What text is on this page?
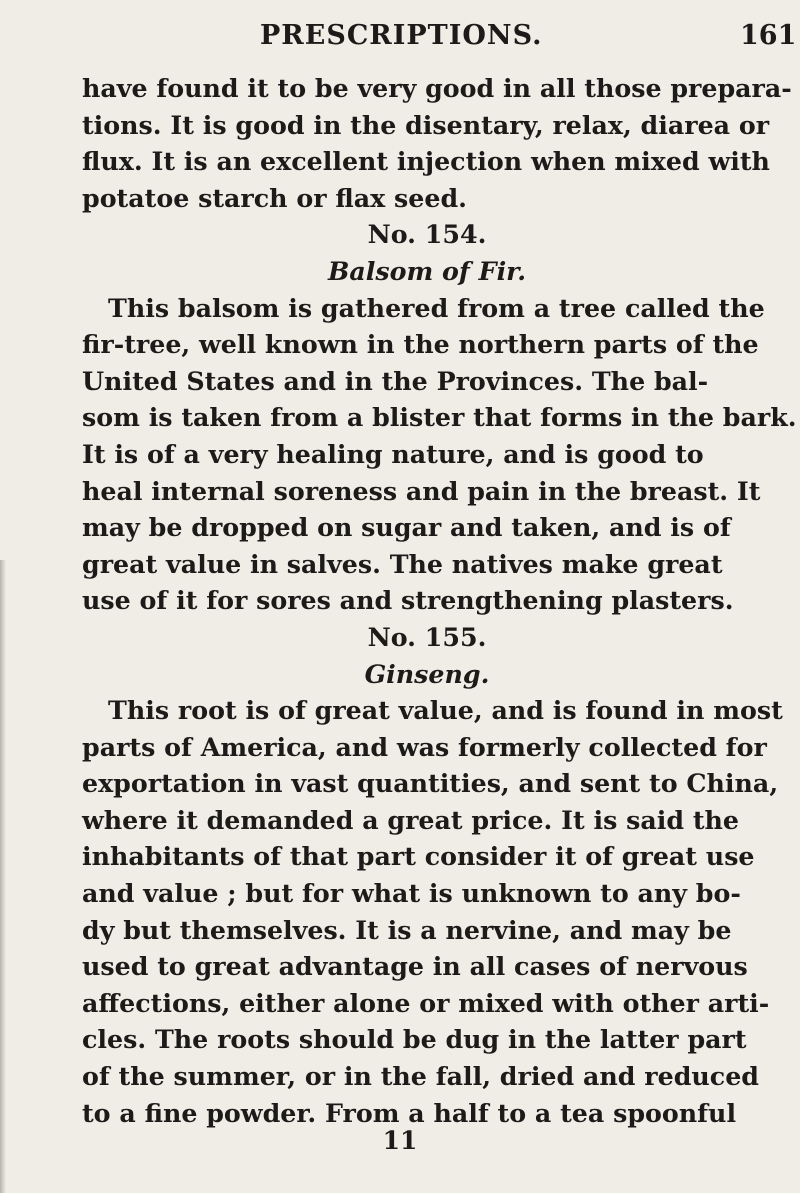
PRESCRIPTIONS.	161
have found it to be very good in all those prepara-
tions. It is good in the disentary, relax, diarea or
flux. It is an excellent injection when mixed with
potatoe starch or flax seed.
No. 154.
Balsom of Fir.
This balsom is gathered from a tree called the
fir-tree, well known in the northern parts of the
United States and in the Provinces. The bal-
som is taken from a blister that forms in the bark.
It is of a very healing nature, and is good to
heal internal soreness and pain in the breast. It
may be dropped on sugar and taken, and is of
great value in salves. The natives make great
use of it for sores and strengthening plasters.
No. 155.
Ginseng.
This root is of great value, and is found in most
parts of America, and was formerly collected for
exportation in vast quantities, and sent to China,
where it demanded a great price. It is said the
inhabitants of that part consider it of great use
and value ; but for what is unknown to any bo-
dy but themselves. It is a nervine, and may be
used to great advantage in all cases of nervous
affections, either alone or mixed with other arti-
cles. The roots should be dug in the latter part
of the summer, or in the fall, dried and reduced
to a fine powder. From a half to a tea spoonful
11
